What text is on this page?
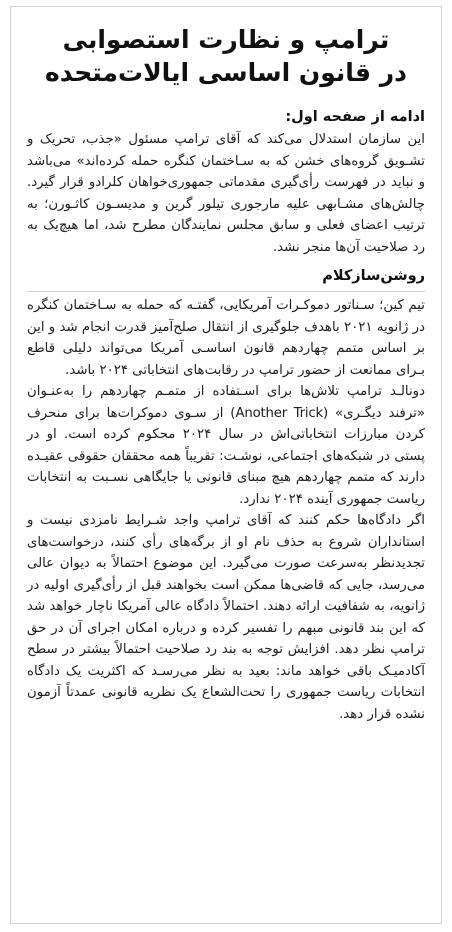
ترامپ و نظارت استصوابی
در قانون اساسی ایالات‌متحده

ادامه از صفحه اول:

این سازمان استدلال می‌کند که آقای ترامپ مسئول «جذب، تحریک و تشـویق گروه‌های خشن که به سـاختمان کنگره حمله کرده‌اند» می‌باشد و نباید در فهرست رأی‌گیری مقدماتی جمهوری‌خواهان کلرادو قرار گیرد. چالش‌های مشـابهی علیه مارجوری تیلور گرین و مدیسـون کاثـورن؛ به ترتیب اعضای فعلی و سابق مجلس نمایندگان مطرح شد، اما هیچ‌یک به رد صلاحیت آن‌ها منجر نشد.

روشن‌سازکلام

تیم کین؛ سـناتور دموکـرات آمریکایی، گفتـه که حمله به سـاختمان کنگره در ژانویه ۲۰۲۱ باهدف جلوگیری از انتقال صلح‌آمیز قدرت انجام شد و این بر اساس متمم چهاردهم قانون اساسـی آمریکا می‌تواند دلیلی قاطع بـرای ممانعت از حضور ترامپ در رقابت‌های انتخاباتی ۲۰۲۴ باشد.

دونالـد ترامپ تلاش‌ها برای اسـتفاده از متمـم چهاردهم را به‌عنـوان «ترفند دیگـری» (Another Trick) از سـوی دموکرات‌ها برای منحرف کردن مبارزات انتخاباتی‌اش در سال ۲۰۲۴ محکوم کرده است. او در پستی در شبکه‌های اجتماعی، نوشـت: تقریباً همه محققان حقوقی عقیـده دارند که متمم چهاردهم هیچ مبنای قانونی یا جایگاهی نسـبت به انتخابات ریاست جمهوری آینده ۲۰۲۴ ندارد.

اگر دادگاه‌ها حکم کنند که آقای ترامپ واجد شـرایط نامزدی نیست و استانداران شروع به حذف نام او از برگه‌های رأی کنند، درخواست‌های تجدیدنظر به‌سرعت صورت می‌گیرد. این موضوع احتمالاً به دیوان عالی می‌رسد، جایی که قاضی‌ها ممکن است بخواهند قبل از رأی‌گیری اولیه در ژانویه، به شفافیت ارائه دهند. احتمالاً دادگاه عالی آمریکا ناچار خواهد شد که این بند قانونی مبهم را تفسیر کرده و درباره امکان اجرای آن در حق ترامپ نظر دهد. افزایش توجه به بند رد صلاحیت احتمالاً بیشتر در سطح آکادمیـک باقی خواهد ماند: بعید به نظر می‌رسـد که اکثریت یک دادگاه انتخابات ریاست جمهوری را تحت‌الشعاع یک نظریه قانونی عمدتاً آزمون نشده قرار دهد.
